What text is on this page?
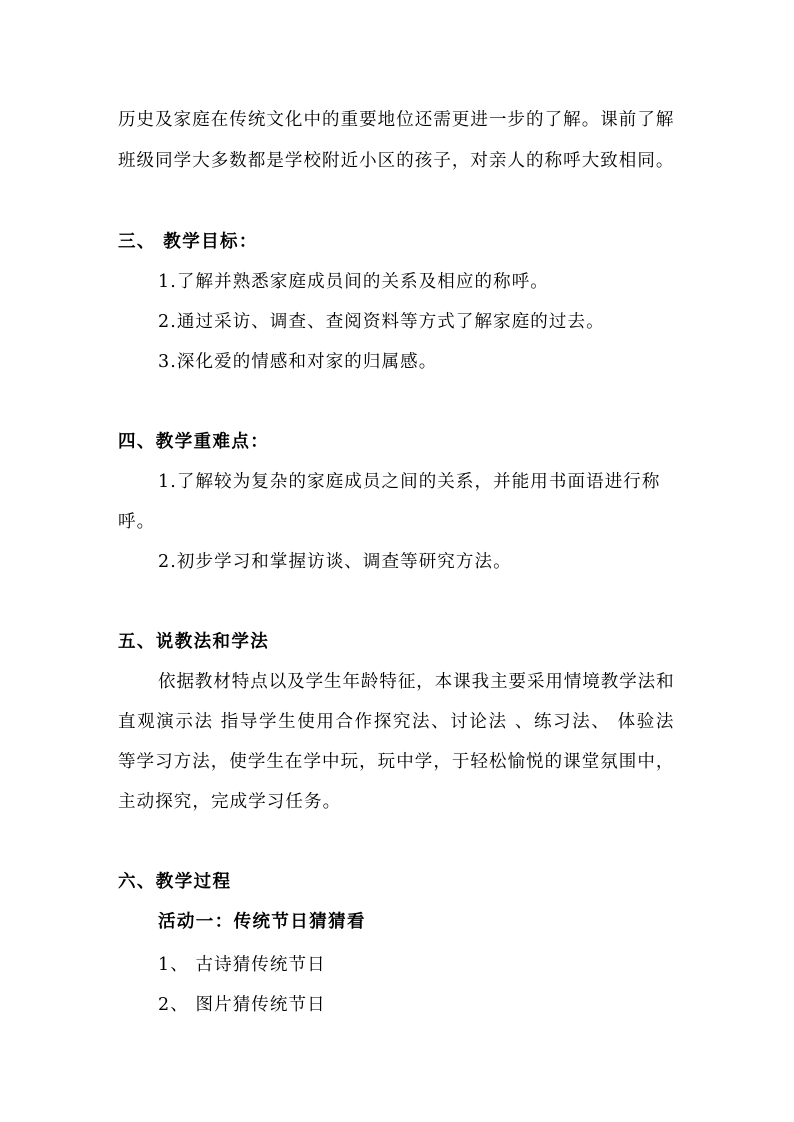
历史及家庭在传统文化中的重要地位还需更进一步的了解。课前了解
班级同学大多数都是学校附近小区的孩子，对亲人的称呼大致相同。
三、 教学目标：
1.了解并熟悉家庭成员间的关系及相应的称呼。
2.通过采访、调查、查阅资料等方式了解家庭的过去。
3.深化爱的情感和对家的归属感。
四、教学重难点：
1.了解较为复杂的家庭成员之间的关系，并能用书面语进行称
呼。
2.初步学习和掌握访谈、调查等研究方法。
五、说教法和学法
依据教材特点以及学生年龄特征，本课我主要采用情境教学法和
直观演示法 指导学生使用合作探究法、讨论法 、练习法、 体验法
等学习方法，使学生在学中玩，玩中学，于轻松愉悦的课堂氛围中，
主动探究，完成学习任务。
六、教学过程
活动一：传统节日猜猜看
1、 古诗猜传统节日
2、 图片猜传统节日
